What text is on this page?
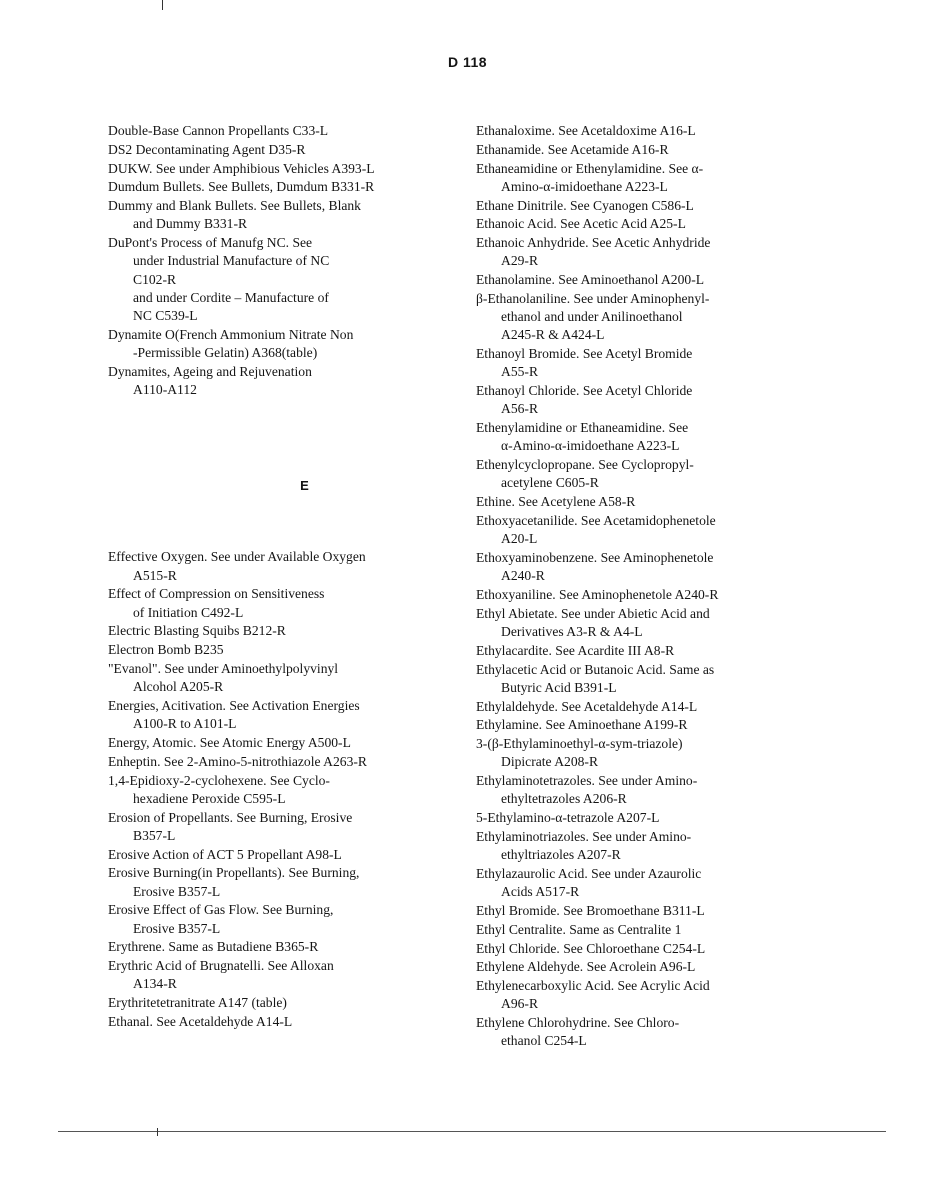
D 118
Double-Base Cannon Propellants C33-L
DS2 Decontaminating Agent D35-R
DUKW. See under Amphibious Vehicles A393-L
Dumdum Bullets. See Bullets, Dumdum B331-R
Dummy and Blank Bullets. See Bullets, Blank
and Dummy B331-R
DuPont's Process of Manufg NC. See
under Industrial Manufacture of NC
C102-R
and under Cordite – Manufacture of
NC C539-L
Dynamite O(French Ammonium Nitrate Non
-Permissible Gelatin) A368(table)
Dynamites, Ageing and Rejuvenation
A110-A112
E
Effective Oxygen. See under Available Oxygen
A515-R
Effect of Compression on Sensitiveness
of Initiation C492-L
Electric Blasting Squibs B212-R
Electron Bomb B235
"Evanol". See under Aminoethylpolyvinyl
Alcohol A205-R
Energies, Acitivation. See Activation Energies
A100-R to A101-L
Energy, Atomic. See Atomic Energy A500-L
Enheptin. See 2-Amino-5-nitrothiazole A263-R
1,4-Epidioxy-2-cyclohexene. See Cyclo-
hexadiene Peroxide C595-L
Erosion of Propellants. See Burning, Erosive
B357-L
Erosive Action of ACT 5 Propellant A98-L
Erosive Burning(in Propellants). See Burning,
Erosive B357-L
Erosive Effect of Gas Flow. See Burning,
Erosive B357-L
Erythrene. Same as Butadiene B365-R
Erythric Acid of Brugnatelli. See Alloxan
A134-R
Erythritetetranitrate A147 (table)
Ethanal. See Acetaldehyde A14-L
Ethanaloxime. See Acetaldoxime A16-L
Ethanamide. See Acetamide A16-R
Ethaneamidine or Ethenylamidine. See α-
Amino-α-imidoethane A223-L
Ethane Dinitrile. See Cyanogen C586-L
Ethanoic Acid. See Acetic Acid A25-L
Ethanoic Anhydride. See Acetic Anhydride
A29-R
Ethanolamine. See Aminoethanol A200-L
β-Ethanolaniline. See under Aminophenyl-
ethanol and under Anilinoethanol
A245-R & A424-L
Ethanoyl Bromide. See Acetyl Bromide
A55-R
Ethanoyl Chloride. See Acetyl Chloride
A56-R
Ethenylamidine or Ethaneamidine. See
α-Amino-α-imidoethane A223-L
Ethenylcyclopropane. See Cyclopropyl-
acetylene C605-R
Ethine. See Acetylene A58-R
Ethoxyacetanilide. See Acetamidophenetole
A20-L
Ethoxyaminobenzene. See Aminophenetole
A240-R
Ethoxyaniline. See Aminophenetole A240-R
Ethyl Abietate. See under Abietic Acid and
Derivatives A3-R & A4-L
Ethylacardite. See Acardite III A8-R
Ethylacetic Acid or Butanoic Acid. Same as
Butyric Acid B391-L
Ethylaldehyde. See Acetaldehyde A14-L
Ethylamine. See Aminoethane A199-R
3-(β-Ethylaminoethyl-α-sym-triazole)
Dipicrate A208-R
Ethylaminotetrazoles. See under Amino-
ethyltetrazoles A206-R
5-Ethylamino-α-tetrazole A207-L
Ethylaminotriazoles. See under Amino-
ethyltriazoles A207-R
Ethylazaurolic Acid. See under Azaurolic
Acids A517-R
Ethyl Bromide. See Bromoethane B311-L
Ethyl Centralite. Same as Centralite 1
Ethyl Chloride. See Chloroethane C254-L
Ethylene Aldehyde. See Acrolein A96-L
Ethylenecarboxylic Acid. See Acrylic Acid
A96-R
Ethylene Chlorohydrine. See Chloro-
ethanol C254-L
